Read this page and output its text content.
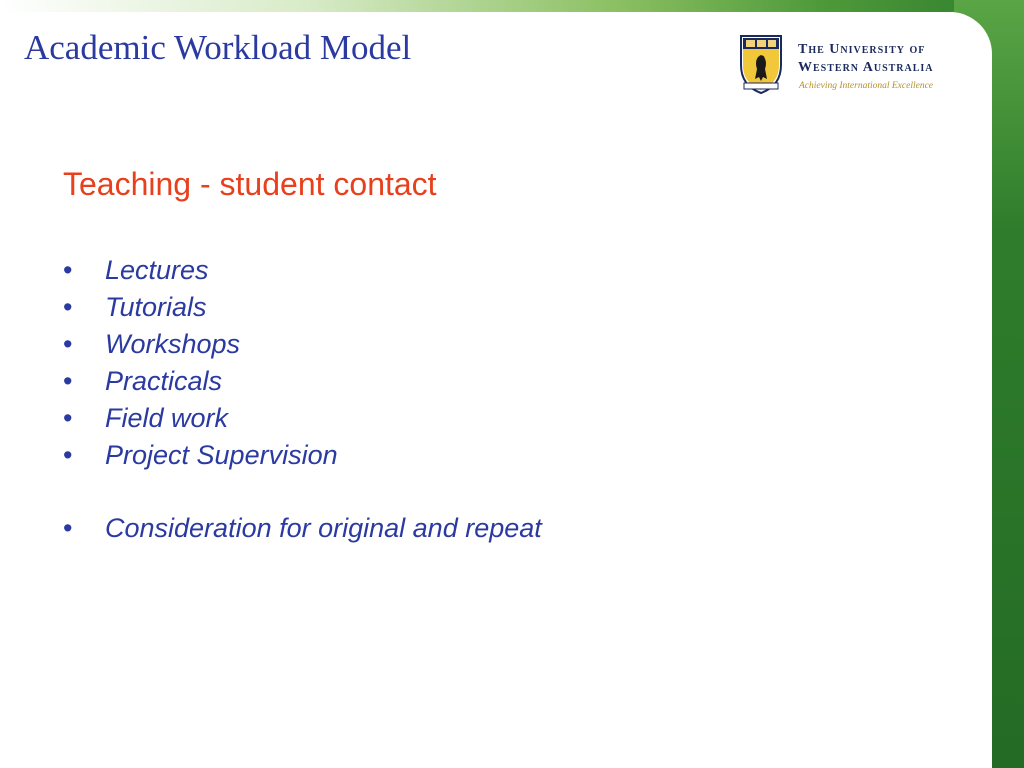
Academic Workload Model	The University of
Western Australia
Achieving International Excellence
Teaching - student contact
• Lectures
• Tutorials
• Workshops
• Practicals
• Field work
• Project Supervision
• Consideration for original and repeat
